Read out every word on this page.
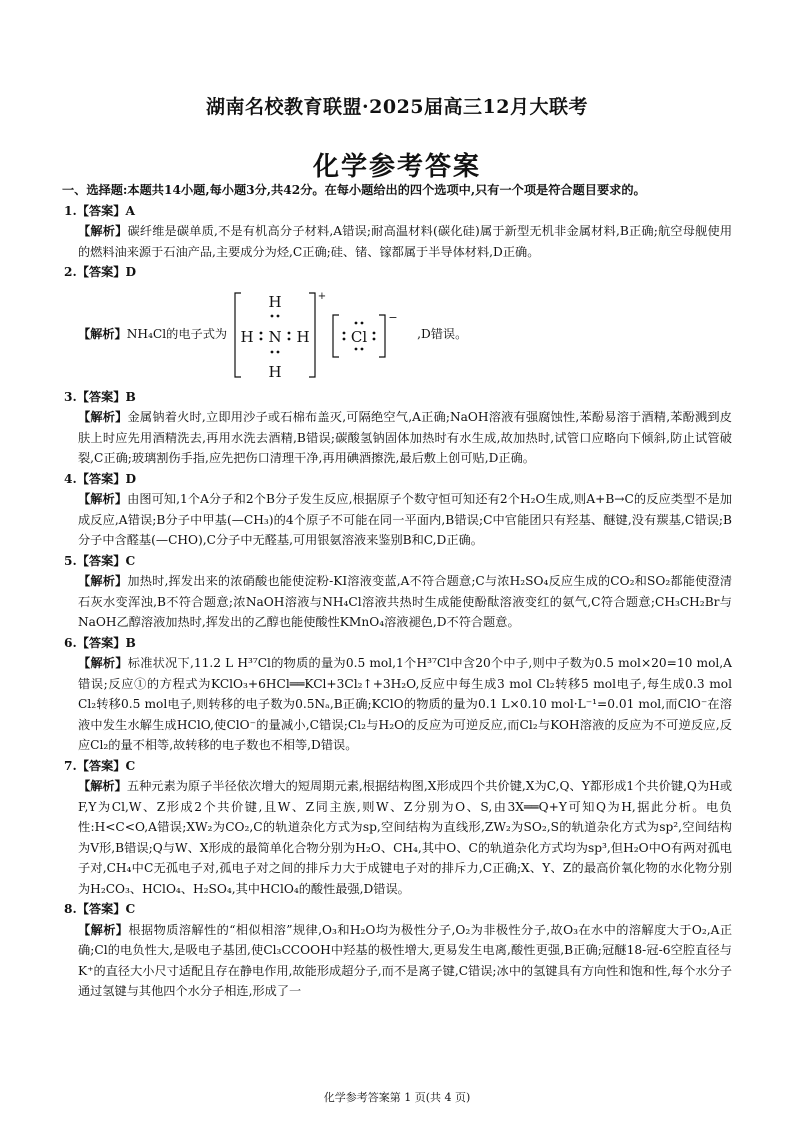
湖南名校教育联盟·2025届高三12月大联考
化学参考答案
一、选择题:本题共14小题,每小题3分,共42分。在每小题给出的四个选项中,只有一个项是符合题目要求的。
1.【答案】A
【解析】碳纤维是碳单质,不是有机高分子材料,A错误;耐高温材料(碳化硅)属于新型无机非金属材料,B正确;航空母舰使用的燃料油来源于石油产品,主要成分为烃,C正确;硅、锗、镓都属于半导体材料,D正确。
2.【答案】D
【解析】 NH₄Cl的电子式为
H
H N H
H
+
Cl
−
,D错误。
3.【答案】B
【解析】金属钠着火时,立即用沙子或石棉布盖灭,可隔绝空气,A正确;NaOH溶液有强腐蚀性,苯酚易溶于酒精,苯酚溅到皮肤上时应先用酒精洗去,再用水洗去酒精,B错误;碳酸氢钠固体加热时有水生成,故加热时,试管口应略向下倾斜,防止试管破裂,C正确;玻璃割伤手指,应先把伤口清理干净,再用碘酒擦洗,最后敷上创可贴,D正确。
4.【答案】D
【解析】由图可知,1个A分子和2个B分子发生反应,根据原子个数守恒可知还有2个H₂O生成,则A+B→C的反应类型不是加成反应,A错误;B分子中甲基(—CH₃)的4个原子不可能在同一平面内,B错误;C中官能团只有羟基、醚键,没有羰基,C错误;B分子中含醛基(—CHO),C分子中无醛基,可用银氨溶液来鉴别B和C,D正确。
5.【答案】C
【解析】加热时,挥发出来的浓硝酸也能使淀粉-KI溶液变蓝,A不符合题意;C与浓H₂SO₄反应生成的CO₂和SO₂都能使澄清石灰水变浑浊,B不符合题意;浓NaOH溶液与NH₄Cl溶液共热时生成能使酚酞溶液变红的氨气,C符合题意;CH₃CH₂Br与NaOH乙醇溶液加热时,挥发出的乙醇也能使酸性KMnO₄溶液褪色,D不符合题意。
6.【答案】B
【解析】标准状况下,11.2 L H³⁷Cl的物质的量为0.5 mol,1个H³⁷Cl中含20个中子,则中子数为0.5 mol×20=10 mol,A错误;反应①的方程式为KClO₃+6HCl══KCl+3Cl₂↑+3H₂O,反应中每生成3 mol Cl₂转移5 mol电子,每生成0.3 mol Cl₂转移0.5 mol电子,则转移的电子数为0.5Nₐ,B正确;KClO的物质的量为0.1 L×0.10 mol·L⁻¹=0.01 mol,而ClO⁻在溶液中发生水解生成HClO,使ClO⁻的量减小,C错误;Cl₂与H₂O的反应为可逆反应,而Cl₂与KOH溶液的反应为不可逆反应,反应Cl₂的量不相等,故转移的电子数也不相等,D错误。
7.【答案】C
【解析】五种元素为原子半径依次增大的短周期元素,根据结构图,X形成四个共价键,X为C,Q、Y都形成1个共价键,Q为H或F,Y为Cl,W、Z形成2个共价键,且W、Z同主族,则W、Z分别为O、S,由3X══Q+Y可知Q为H,据此分析。电负性:H<C<O,A错误;XW₂为CO₂,C的轨道杂化方式为sp,空间结构为直线形,ZW₂为SO₂,S的轨道杂化方式为sp²,空间结构为V形,B错误;Q与W、X形成的最简单化合物分别为H₂O、CH₄,其中O、C的轨道杂化方式均为sp³,但H₂O中O有两对孤电子对,CH₄中C无孤电子对,孤电子对之间的排斥力大于成键电子对的排斥力,C正确;X、Y、Z的最高价氧化物的水化物分别为H₂CO₃、HClO₄、H₂SO₄,其中HClO₄的酸性最强,D错误。
8.【答案】C
【解析】根据物质溶解性的“相似相溶”规律,O₃和H₂O均为极性分子,O₂为非极性分子,故O₃在水中的溶解度大于O₂,A正确;Cl的电负性大,是吸电子基团,使Cl₃CCOOH中羟基的极性增大,更易发生电离,酸性更强,B正确;冠醚18-冠-6空腔直径与K⁺的直径大小尺寸适配且存在静电作用,故能形成超分子,而不是离子键,C错误;冰中的氢键具有方向性和饱和性,每个水分子通过氢键与其他四个水分子相连,形成了一
化学参考答案第 1 页(共 4 页)
